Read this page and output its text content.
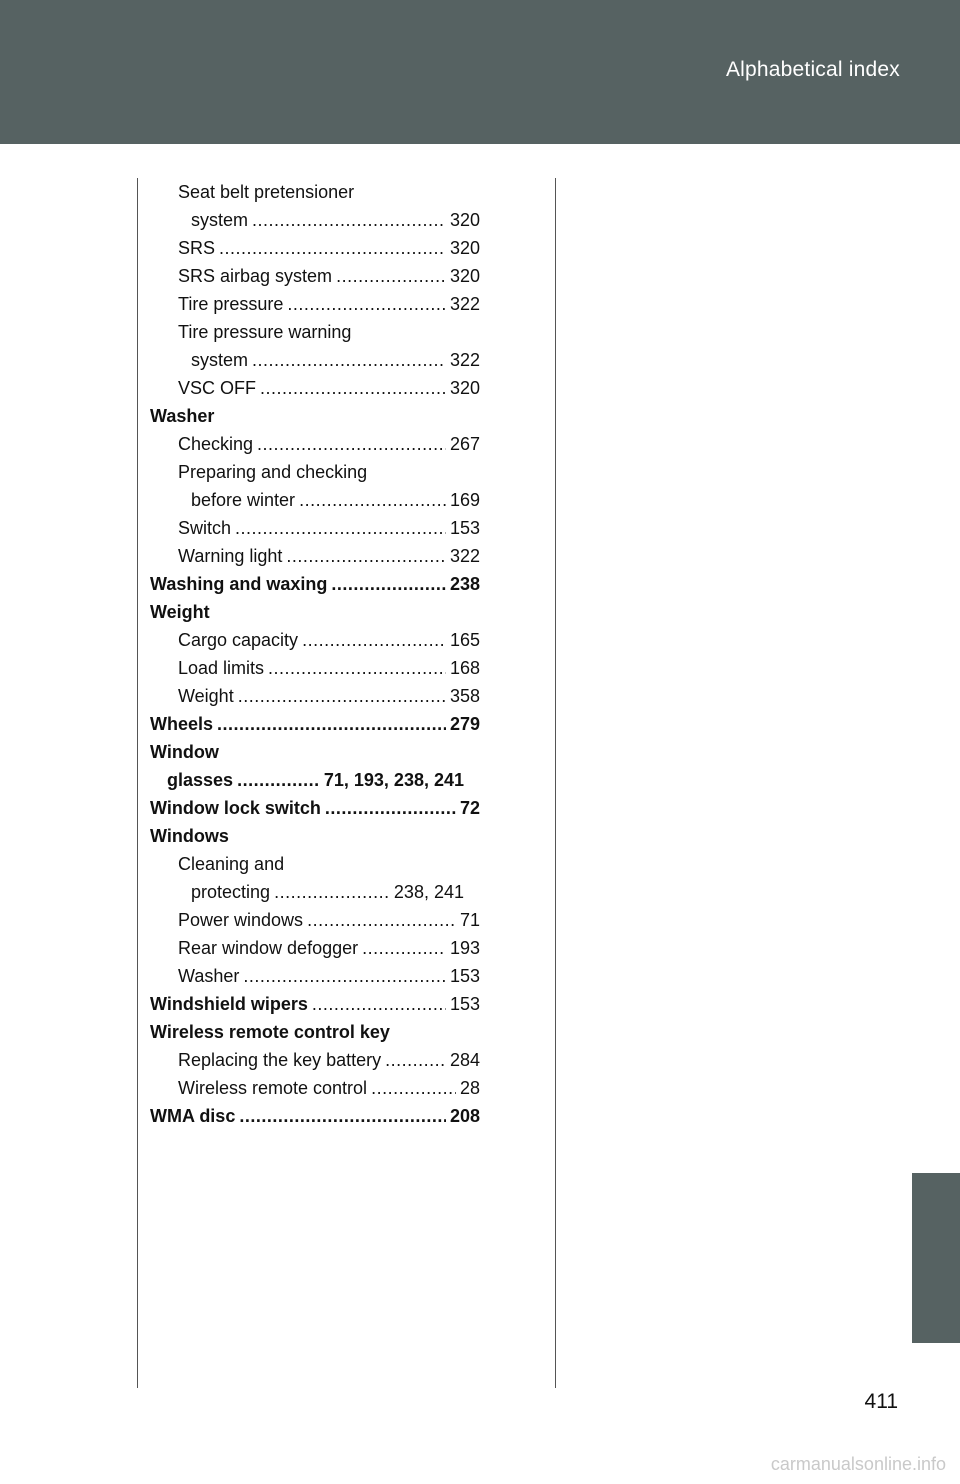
Alphabetical index
Seat belt pretensioner
system .....	320
SRS .....	320
SRS airbag system .....	320
Tire pressure .....	322
Tire pressure warning
system .....	322
VSC OFF .....	320
Washer
Checking .....	267
Preparing and checking
before winter .....	169
Switch .....	153
Warning light .....	322
Washing and waxing .....	238
Weight
Cargo capacity .....	165
Load limits .....	168
Weight .....	358
Wheels .....	279
Window
glasses .....	71, 193, 238, 241
Window lock switch .....	72
Windows
Cleaning and
protecting .....	238, 241
Power windows .....	71
Rear window defogger .....	193
Washer .....	153
Windshield wipers .....	153
Wireless remote control key
Replacing the key battery .....	284
Wireless remote control .....	28
WMA disc .....	208
411
carmanualsonline.info
